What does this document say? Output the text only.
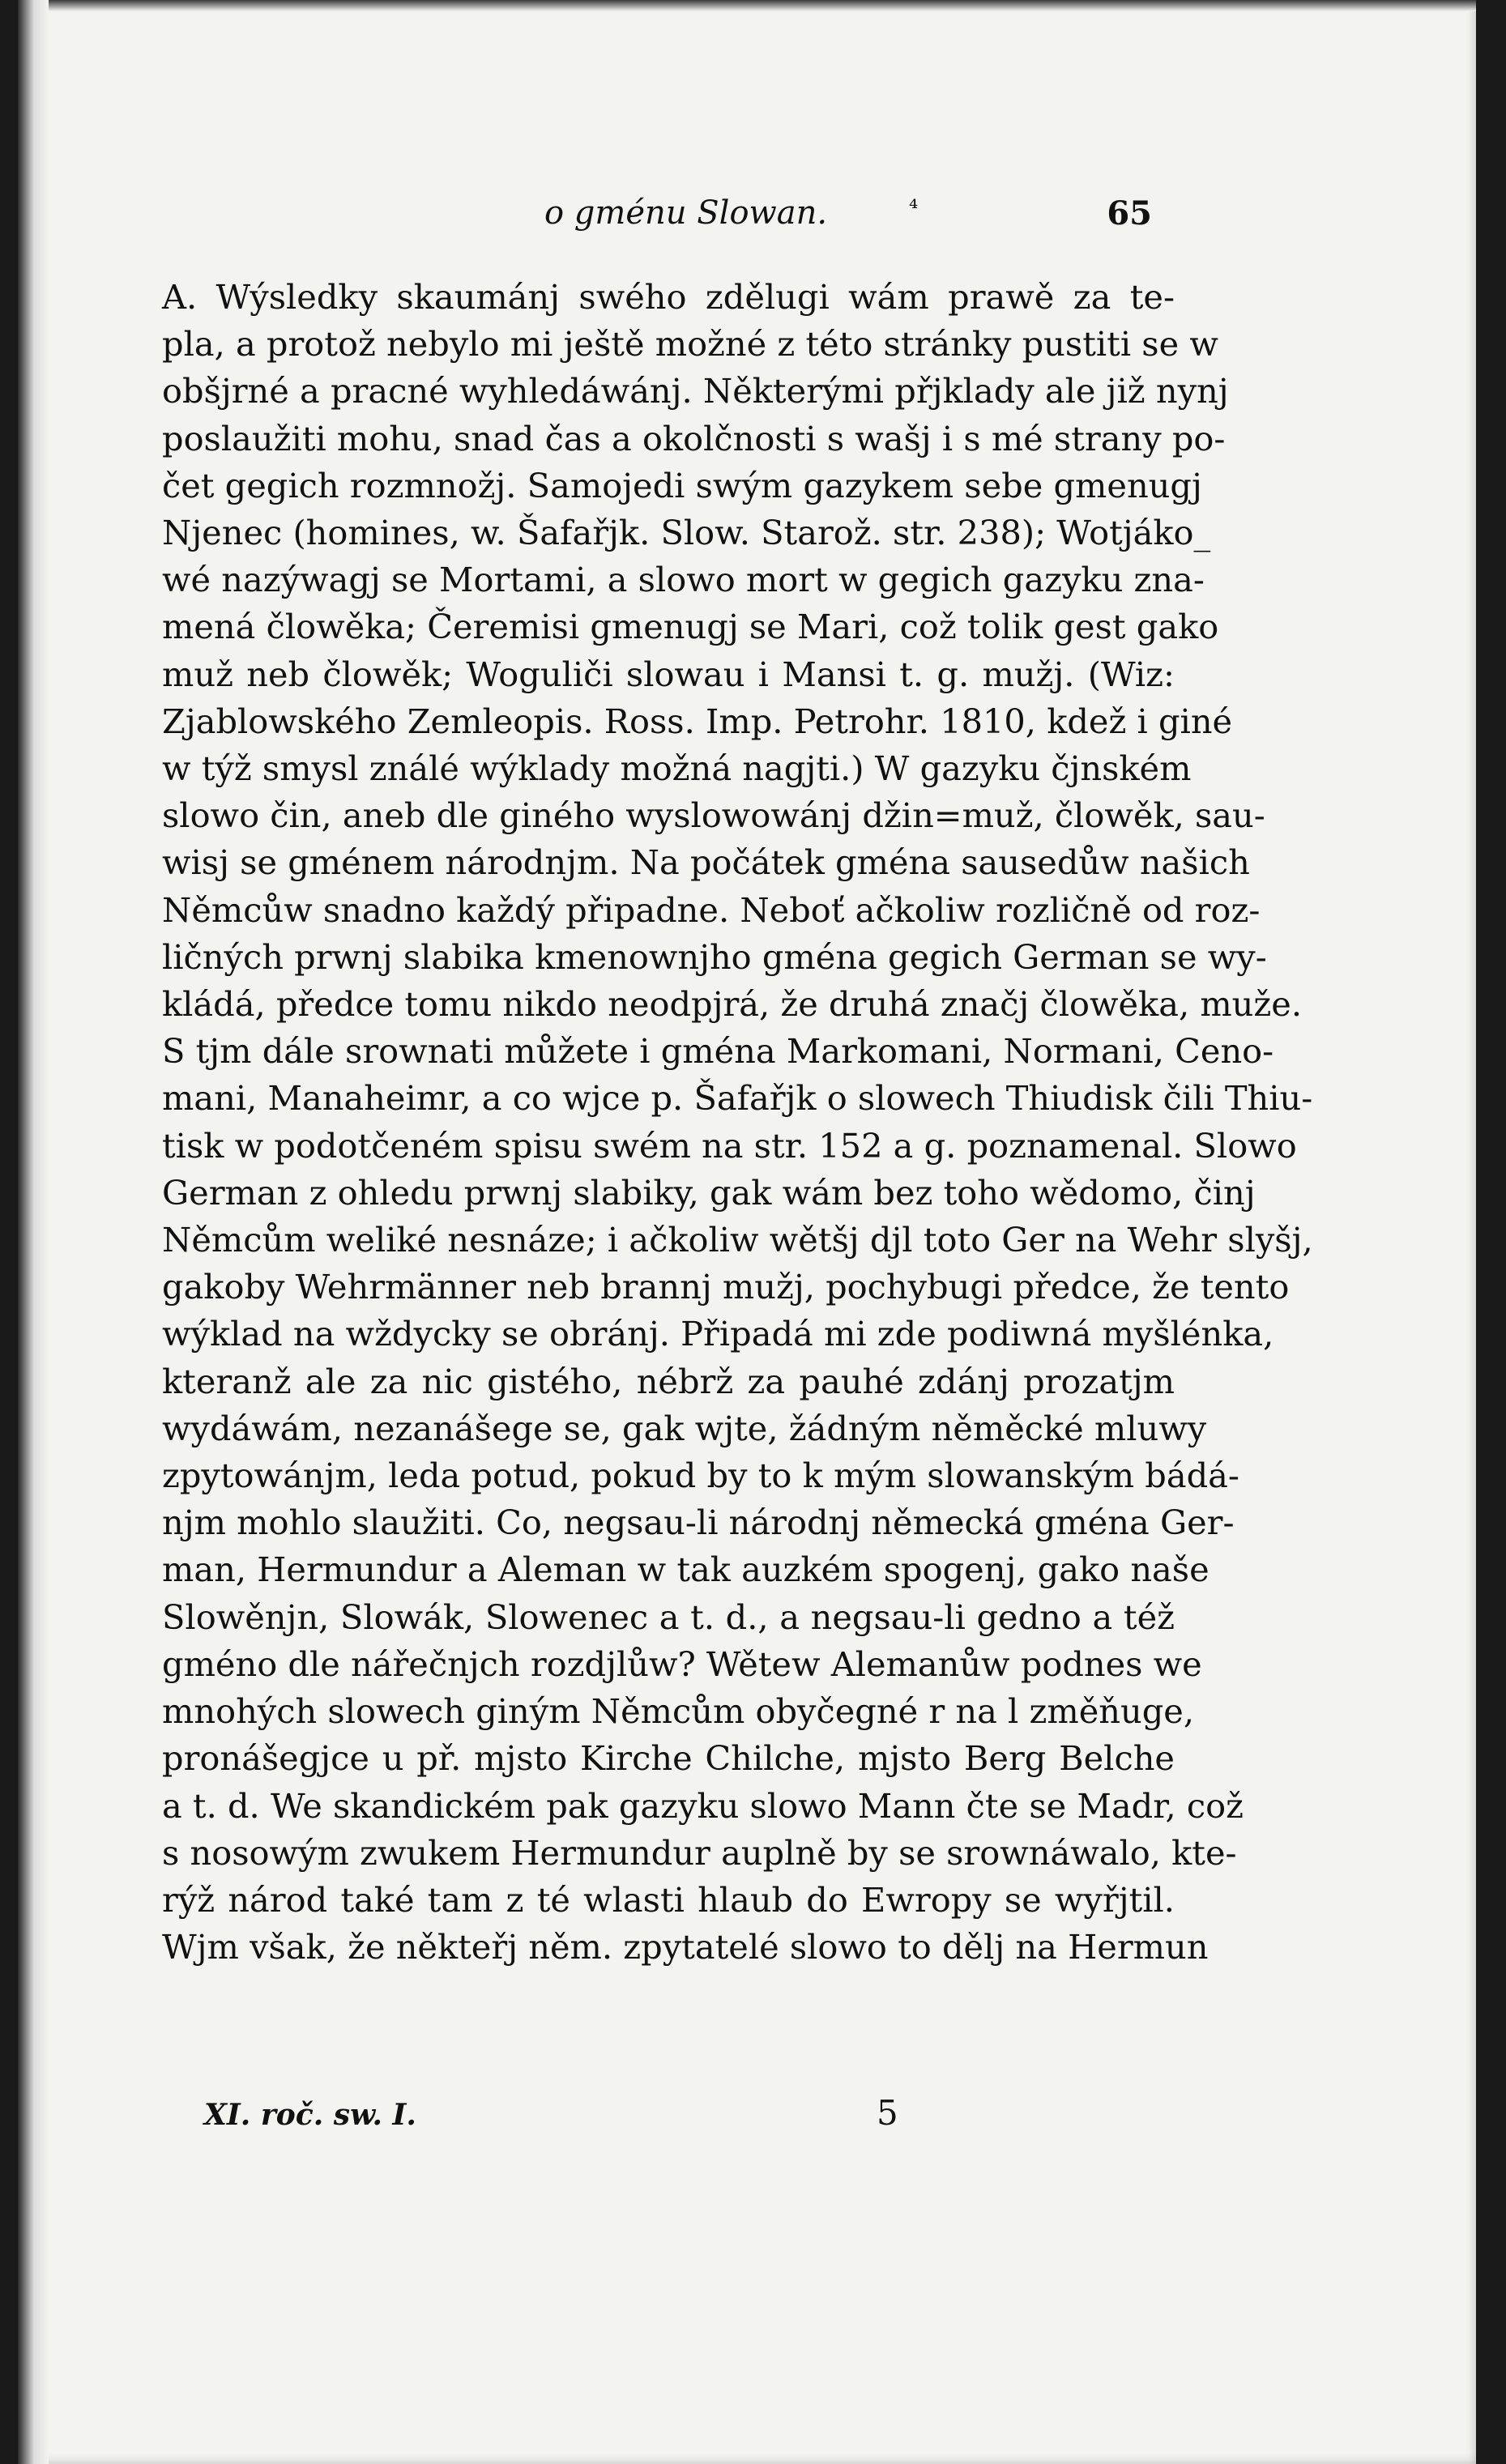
o gménu Slowan.	⁴	65
A. Wýsledky skaumánj swého zdělugi wám prawě za te-
pla, a protož nebylo mi ještě možné z této stránky pustiti se w
obšjrné a pracné wyhledáwánj. Některými přjklady ale již nynj
poslaužiti mohu, snad čas a okolčnosti s wašj i s mé strany po-
čet gegich rozmnožj. Samojedi swým gazykem sebe gmenugj
Njenec (homines, w. Šafařjk. Slow. Starož. str. 238); Wotjáko_
wé nazýwagj se Mortami, a slowo mort w gegich gazyku zna-
mená člowěka; Čeremisi gmenugj se Mari, což tolik gest gako
muž neb člowěk; Woguliči slowau i Mansi t. g. mužj. (Wiz:
Zjablowského Zemleopis. Ross. Imp. Petrohr. 1810, kdež i giné
w týž smysl ználé wýklady možná nagjti.) W gazyku čjnském
slowo čin, aneb dle giného wyslowowánj džin=muž, člowěk, sau-
wisj se gménem národnjm. Na počátek gména sausedůw našich
Němcůw snadno každý připadne. Neboť ačkoliw rozličně od roz-
ličných prwnj slabika kmenownjho gména gegich German se wy-
kládá, předce tomu nikdo neodpjrá, že druhá značj člowěka, muže.
S tjm dále srownati můžete i gména Markomani, Normani, Ceno-
mani, Manaheimr, a co wjce p. Šafařjk o slowech Thiudisk čili Thiu-
tisk w podotčeném spisu swém na str. 152 a g. poznamenal. Slowo
German z ohledu prwnj slabiky, gak wám bez toho wědomo, činj
Němcům weliké nesnáze; i ačkoliw wětšj djl toto Ger na Wehr slyšj,
gakoby Wehrmänner neb brannj mužj, pochybugi předce, že tento
wýklad na wždycky se obránj. Připadá mi zde podiwná myšlénka,
kteranž ale za nic gistého, nébrž za pauhé zdánj prozatjm
wydáwám, nezanášege se, gak wjte, žádným něměcké mluwy
zpytowánjm, leda potud, pokud by to k mým slowanským bádá-
njm mohlo slaužiti. Co, negsau-li národnj německá gména Ger-
man, Hermundur a Aleman w tak auzkém spogenj, gako naše
Slowěnjn, Slowák, Slowenec a t. d., a negsau-li gedno a též
gméno dle nářečnjch rozdjlůw? Wětew Alemanůw podnes we
mnohých slowech giným Němcům obyčegné r na l změňuge,
pronášegjce u př. mjsto Kirche Chilche, mjsto Berg Belche
a t. d. We skandickém pak gazyku slowo Mann čte se Madr, což
s nosowým zwukem Hermundur auplně by se srownáwalo, kte-
rýž národ také tam z té wlasti hlaub do Ewropy se wyřjtil.
Wjm však, že někteřj něm. zpytatelé slowo to dělj na Hermun
XI. roč. sw. I.	5
